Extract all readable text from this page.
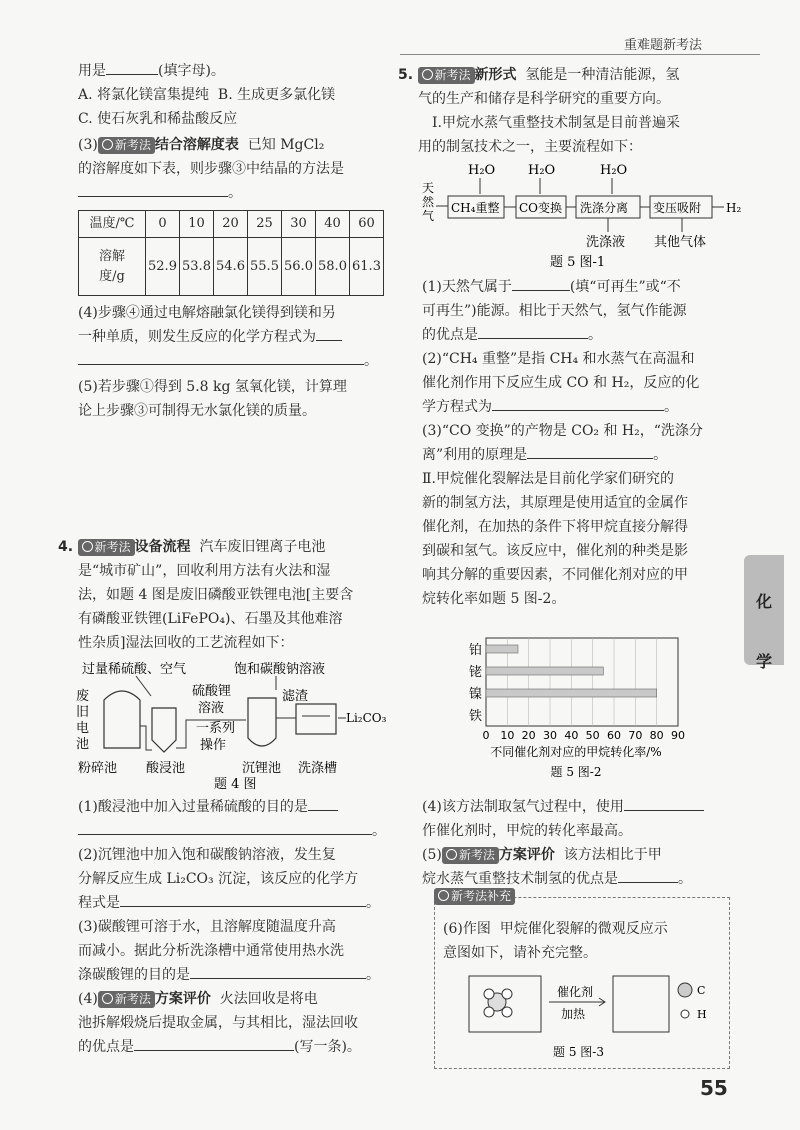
重难题新考法

用是	(填字母)。

A. 将氯化镁富集提纯 B. 生成更多氯化镁

C. 使石灰乳和稀盐酸反应

(3) 新考法 结合溶解度表 已知 MgCl₂

的溶解度如下表，则步骤③中结晶的方法是

。

温度/℃	0	10	20	25	30	40	60
溶解
度/g	52.9	53.8	54.6	55.5	56.0	58.0	61.3

(4)步骤④通过电解熔融氯化镁得到镁和另

一种单质，则发生反应的化学方程式为

。

(5)若步骤①得到 5.8 kg 氢氧化镁，计算理

论上步骤③可制得无水氯化镁的质量。

4. 新考法 设备流程 汽车废旧锂离子电池

是“城市矿山”，回收利用方法有火法和湿

法，如题 4 图是废旧磷酸亚铁锂电池[主要含

有磷酸亚铁锂(LiFePO₄)、石墨及其他难溶

性杂质]湿法回收的工艺流程如下：

过量稀硫酸、空气	饱和碳酸钠溶液
废
旧
电
池
硫酸锂
溶液
一系列
操作
滤渣
Li₂CO₃
粉碎池 酸浸池	沉锂池 洗涤槽
题 4 图

(1)酸浸池中加入过量稀硫酸的目的是

。

(2)沉锂池中加入饱和碳酸钠溶液，发生复

分解反应生成 Li₂CO₃ 沉淀，该反应的化学方

程式是	。

(3)碳酸锂可溶于水，且溶解度随温度升高

而减小。据此分析洗涤槽中通常使用热水洗

涤碳酸锂的目的是	。

(4) 新考法 方案评价 火法回收是将电

池拆解煅烧后提取金属，与其相比，湿法回收

的优点是	(写一条)。

5. 新考法 新形式 氢能是一种清洁能源，氢

气的生产和储存是科学研究的重要方向。

Ⅰ.甲烷水蒸气重整技术制氢是目前普遍采

用的制氢技术之一，主要流程如下：

H₂O	H₂O	H₂O
天
然
气
CH₄重整 CO变换 洗涤分离 变压吸附 H₂
洗涤液 其他气体
题 5 图-1

(1)天然气属于	(填“可再生”或“不

可再生”)能源。相比于天然气，氢气作能源

的优点是	。

(2)“CH₄ 重整”是指 CH₄ 和水蒸气在高温和

催化剂作用下反应生成 CO 和 H₂，反应的化

学方程式为	。

(3)“CO 变换”的产物是 CO₂ 和 H₂，“洗涤分

离”利用的原理是	。

Ⅱ.甲烷催化裂解法是目前化学家们研究的

新的制氢方法，其原理是使用适宜的金属作

催化剂，在加热的条件下将甲烷直接分解得

到碳和氢气。该反应中，催化剂的种类是影

响其分解的重要因素，不同催化剂对应的甲

烷转化率如题 5 图-2。

0 10 20 30 40 50 60 70 80 90
铂
铑
镍
铁
不同催化剂对应的甲烷转化率/%
题 5 图-2

(4)该方法制取氢气过程中，使用

作催化剂时，甲烷的转化率最高。

(5) 新考法 方案评价 该方法相比于甲

烷水蒸气重整技术制氢的优点是	。

新考法补充

(6)作图 甲烷催化裂解的微观反应示

意图如下，请补充完整。

催化剂
加热
C
H
题 5 图-3
化
学
55
